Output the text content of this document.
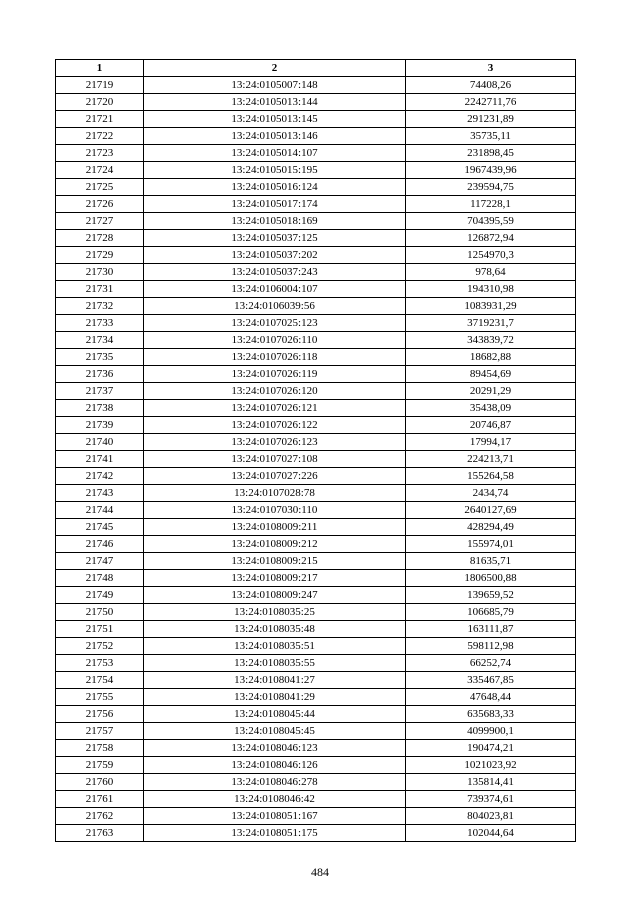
1	2	3
21719	13:24:0105007:148	74408,26
21720	13:24:0105013:144	2242711,76
21721	13:24:0105013:145	291231,89
21722	13:24:0105013:146	35735,11
21723	13:24:0105014:107	231898,45
21724	13:24:0105015:195	1967439,96
21725	13:24:0105016:124	239594,75
21726	13:24:0105017:174	117228,1
21727	13:24:0105018:169	704395,59
21728	13:24:0105037:125	126872,94
21729	13:24:0105037:202	1254970,3
21730	13:24:0105037:243	978,64
21731	13:24:0106004:107	194310,98
21732	13:24:0106039:56	1083931,29
21733	13:24:0107025:123	3719231,7
21734	13:24:0107026:110	343839,72
21735	13:24:0107026:118	18682,88
21736	13:24:0107026:119	89454,69
21737	13:24:0107026:120	20291,29
21738	13:24:0107026:121	35438,09
21739	13:24:0107026:122	20746,87
21740	13:24:0107026:123	17994,17
21741	13:24:0107027:108	224213,71
21742	13:24:0107027:226	155264,58
21743	13:24:0107028:78	2434,74
21744	13:24:0107030:110	2640127,69
21745	13:24:0108009:211	428294,49
21746	13:24:0108009:212	155974,01
21747	13:24:0108009:215	81635,71
21748	13:24:0108009:217	1806500,88
21749	13:24:0108009:247	139659,52
21750	13:24:0108035:25	106685,79
21751	13:24:0108035:48	163111,87
21752	13:24:0108035:51	598112,98
21753	13:24:0108035:55	66252,74
21754	13:24:0108041:27	335467,85
21755	13:24:0108041:29	47648,44
21756	13:24:0108045:44	635683,33
21757	13:24:0108045:45	4099900,1
21758	13:24:0108046:123	190474,21
21759	13:24:0108046:126	1021023,92
21760	13:24:0108046:278	135814,41
21761	13:24:0108046:42	739374,61
21762	13:24:0108051:167	804023,81
21763	13:24:0108051:175	102044,64
484
